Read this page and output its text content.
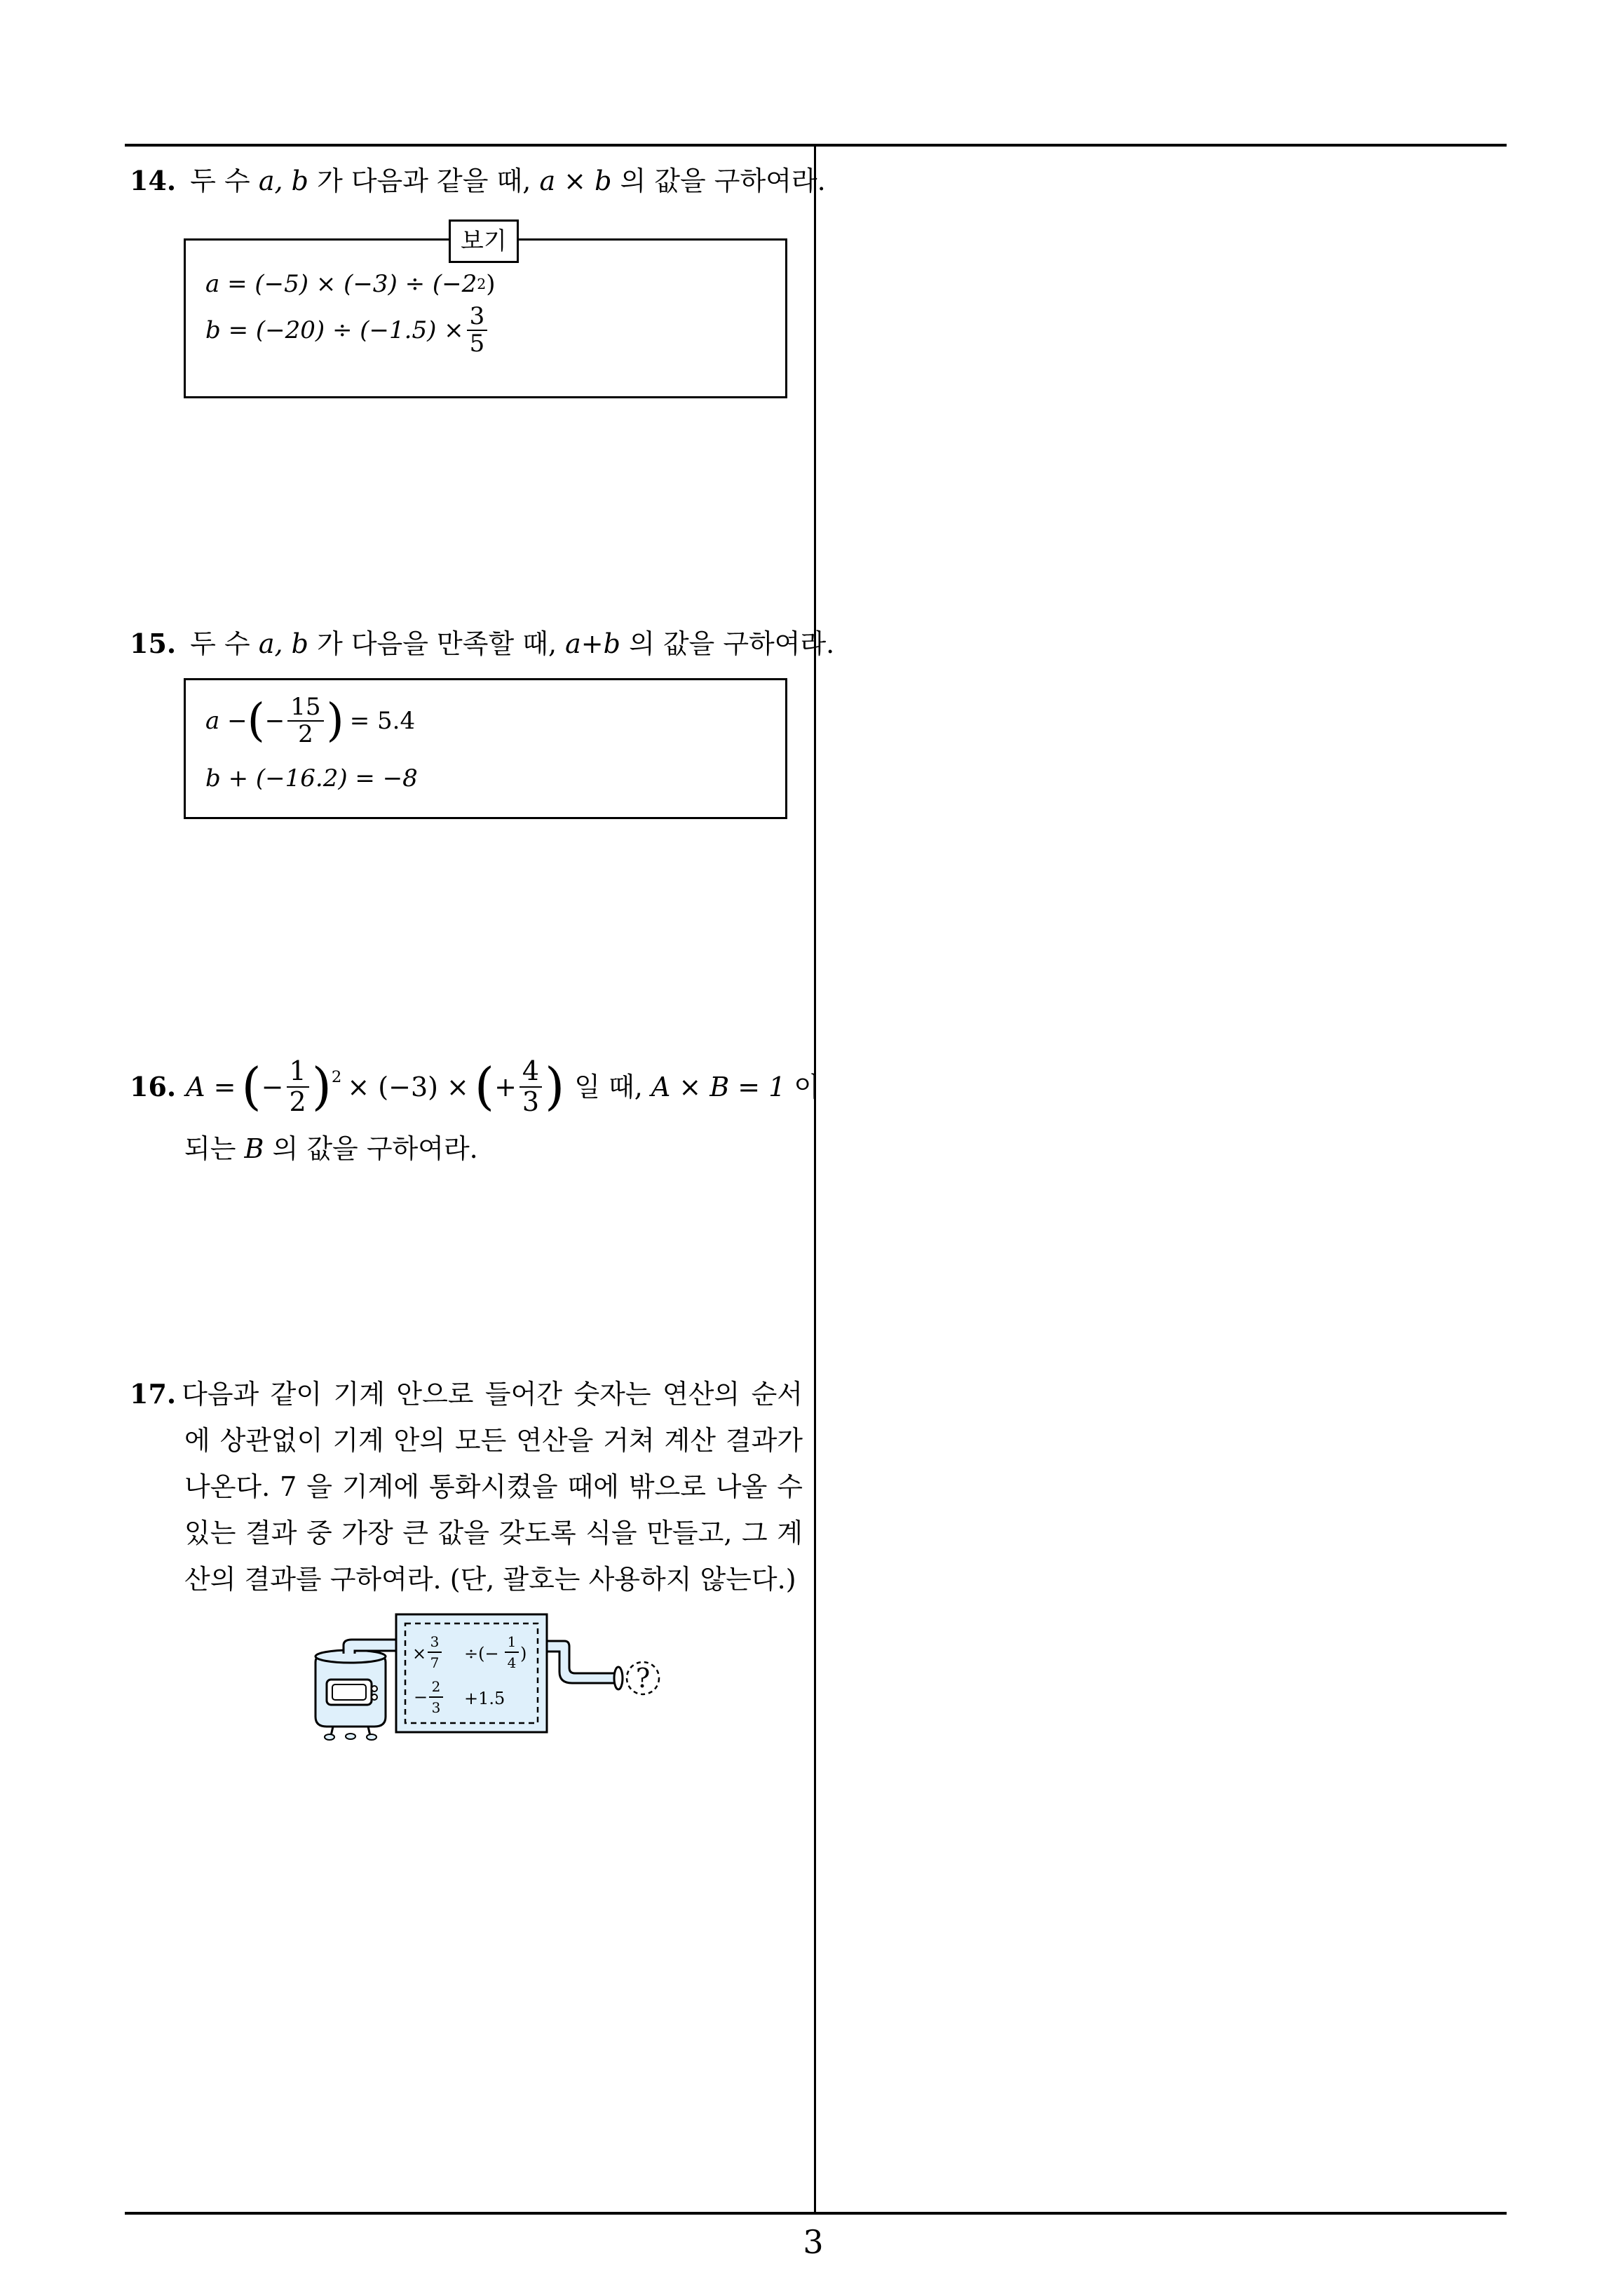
3
14. 두 수 a, b 가 다음과 같을 때, a × b 의 값을 구하여라.
보기
a = (−5) × (−3) ÷ (−2 2 )
$b = (-20) \div (-1.5) \times \frac{3}{5}$
15. 두 수 a, b 가 다음을 만족할 때, a+b 의 값을 구하여라.
a − ( − $\frac{15}{2}$ ) = 5.4
b + (−16.2) = −8
16. A = ( − $\frac{1}{2}$ ) 2 × (−3) × ( + $\frac{4}{3}$ ) 일 때, A × B = 1 이
되는 B 의 값을 구하여라.
17. 다음과 같이 기계 안으로 들어간 숫자는 연산의 순서
에 상관없이 기계 안의 모든 연산을 거쳐 계산 결과가
나온다. 7 을 기계에 통화시켰을 때에 밖으로 나올 수
있는 결과 중 가장 큰 값을 갖도록 식을 만들고, 그 계
산의 결과를 구하여라. (단, 괄호는 사용하지 않는다.)
?
×
3
7 ÷(−
1
4 )
−
2
3 +1.5
